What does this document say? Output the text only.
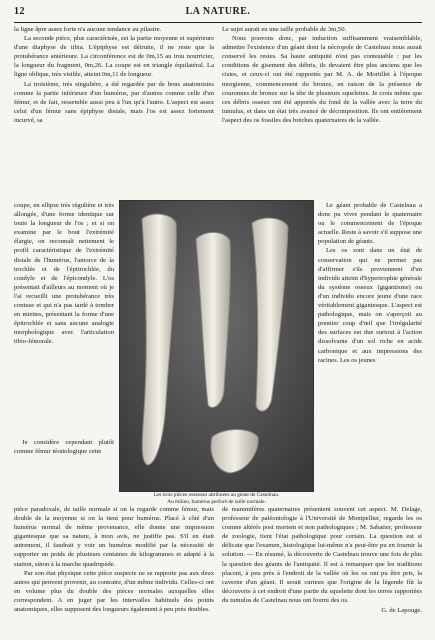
12	LA NATURE.

la ligne âpre assez forte n'a aucune tendance au pilastre.

La seconde pièce, plus caractérisée, est la partie moyenne et supérieure d'une diaphyse de tibia. L'épiphyse est détruite, il ne reste que la protubérance antérieure. La circonférence est de 0m,15 au trou nourricier, la longueur du fragment, 0m,26. La coupe est en triangle équilatéral. La ligne oblique, très visible, atteint 0m,11 de longueur.

La troisième, très singulière, a été regardée par de bons anatomistes comme la partie inférieure d'un humérus, par d'autres comme celle d'un fémur, et de fait, ressemble aussi peu à l'un qu'à l'autre. L'aspect est assez celui d'un fémur sans épiphyse distale, mais l'os est assez fortement incurvé, sa

coupe, en ellipse très régulière et très allongée, d'une forme identique sur toute la longueur de l'os ; et si on examine par le bout l'extrémité élargie, on reconnaît nettement le profil caractéristique de l'extrémité distale de l'humérus, l'amorce de la trochlée et de l'épitrochlée, du condyle et de l'épicondyle. L'os présentait d'ailleurs au moment où je l'ai recueilli une protubérance très contuse et qui n'a pas tardé à tomber en miettes, présentant la forme d'une épitrochlée et sans aucune analogie morphologique avec l'articulation tibio-fémorale.

Je considère cependant plutôt comme fémur tératologique cette

Les trois pièces osseuses attribuées au géant de Castelnau.
Au milieu, humérus perforé de taille normale.

pièce paradoxale, de taille normale si on la regarde comme fémur, mais double de la moyenne si on la tient pour humérus. Placé à côté d'un humérus normal de même provenance, elle donne une impression gigantesque que sa nature, à mon avis, ne justifie pas. S'il en était autrement, il faudrait y voir un humérus modifié par la nécessité de supporter un poids de plusieurs centaines de kilogrammes et adapté à la station, sinon à la marche quadrupède.

Par son état physique cette pièce suspecte ne se rapporte pas aux deux autres qui peuvent provenir, au contraire, d'un même individu. Celles-ci ont en volume plus du double des pièces normales auxquelles elles correspondent. A en juger par les intervalles habituels des points anatomiques, elles supposent des longueurs également à peu près doubles.

Le sujet aurait eu une taille probable de 3m,50.

Nous pouvons donc, par induction suffisamment vraisemblable, admettre l'existence d'un géant dont la nécropole de Castelnau nous aurait conservé les restes. Sa haute antiquité n'est pas contestable : par les conditions de gisement des débris, ils devaient être plus anciens que les cistes, et ceux-ci ont été rapportés par M. A. de Mortillet à l'époque morgienne, commencement du bronze, en raison de la présence de couronnes de bronze sur la tête de plusieurs squelettes. Je crois même que ces débris osseux ont été apportés du fond de la vallée avec la terre du tumulus, et dans un état très avancé de décomposition. Ils ont entièrement l'aspect des os fossiles des brèches quaternaires de la vallée.

Le géant probable de Castelnau a donc pu vivre pendant le quaternaire ou le commencement de l'époque actuelle. Reste à savoir s'il suppose une population de géants.

Les os sont dans un état de conservation qui ne permet pas d'affirmer s'ils proviennent d'un individu atteint d'hypertrophie générale du système osseux (gigantisme) ou d'un individu encore jeune d'une race véritablement gigantesque. L'aspect est pathologique, mais on s'aperçoit au premier coup d'œil que l'irrégularité des surfaces est due surtout à l'action dissolvante d'un sol riche en acide carbonique et aux impressions des racines. Les os jeunes

de mammifères quaternaires présentent souvent cet aspect. M. Delage, professeur de paléontologie à l'Université de Montpellier, regarde les os comme altérés post mortem et non pathologiques ; M. Sabatier, professeur de zoologie, tient l'état pathologique pour certain. La question est si délicate que l'examen, histologique lui-même n'a peut-être pu en fournir la solution. — En résumé, la découverte de Castelnau trouve une fois de plus la question des géants de l'antiquité. Il est à remarquer que les traditions placent, à peu près à l'endroit de la vallée où les os ont pu être pris, la caverne d'un géant. Il serait curieux que l'origine de la légende fût la découverte à cet endroit d'une partie du squelette dont les terres rapportées du tumulus de Castelnau nous ont fourni des os.

G. de Lapouge.
